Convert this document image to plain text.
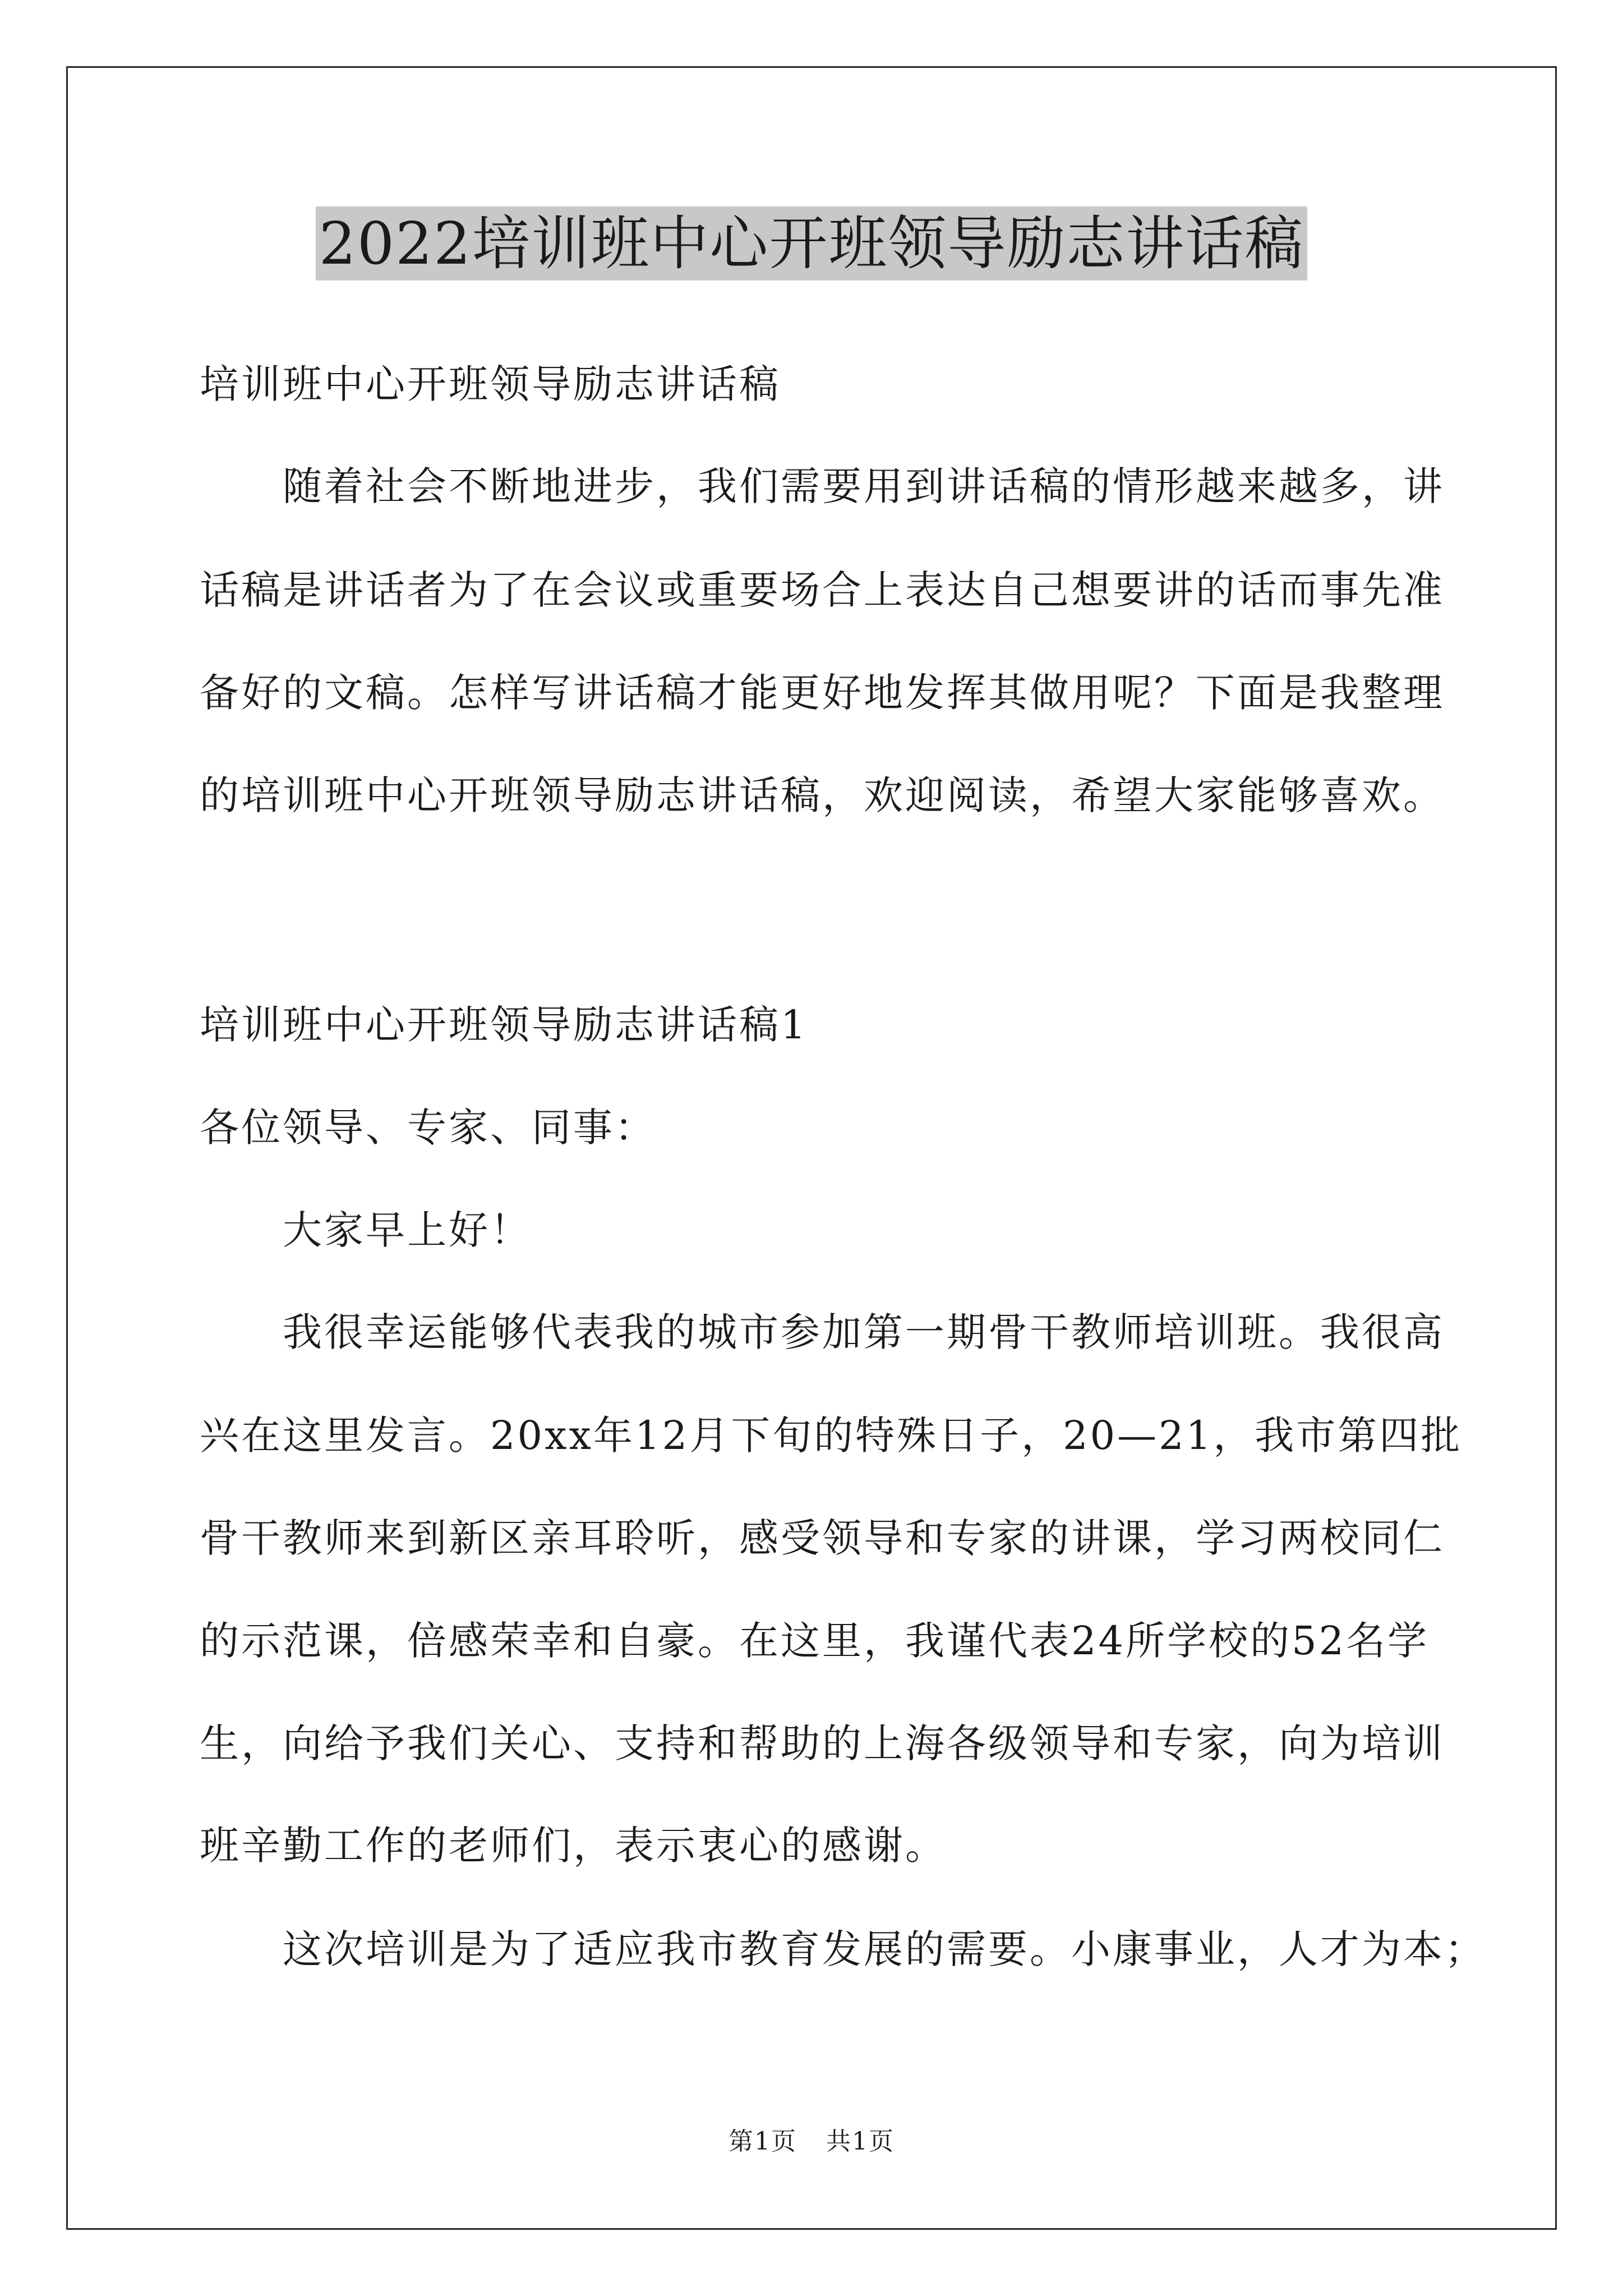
2022培训班中心开班领导励志讲话稿
培训班中心开班领导励志讲话稿
随着社会不断地进步，我们需要用到讲话稿的情形越来越多，讲
话稿是讲话者为了在会议或重要场合上表达自己想要讲的话而事先准
备好的文稿。怎样写讲话稿才能更好地发挥其做用呢？下面是我整理
的培训班中心开班领导励志讲话稿，欢迎阅读，希望大家能够喜欢。
培训班中心开班领导励志讲话稿1
各位领导、专家、同事：
大家早上好！
我很幸运能够代表我的城市参加第一期骨干教师培训班。我很高
兴在这里发言。20xx年12月下旬的特殊日子，20—21，我市第四批
骨干教师来到新区亲耳聆听，感受领导和专家的讲课，学习两校同仁
的示范课，倍感荣幸和自豪。在这里，我谨代表24所学校的52名学
生，向给予我们关心、支持和帮助的上海各级领导和专家，向为培训
班辛勤工作的老师们，表示衷心的感谢。
这次培训是为了适应我市教育发展的需要。小康事业，人才为本；
第1页 共1页
